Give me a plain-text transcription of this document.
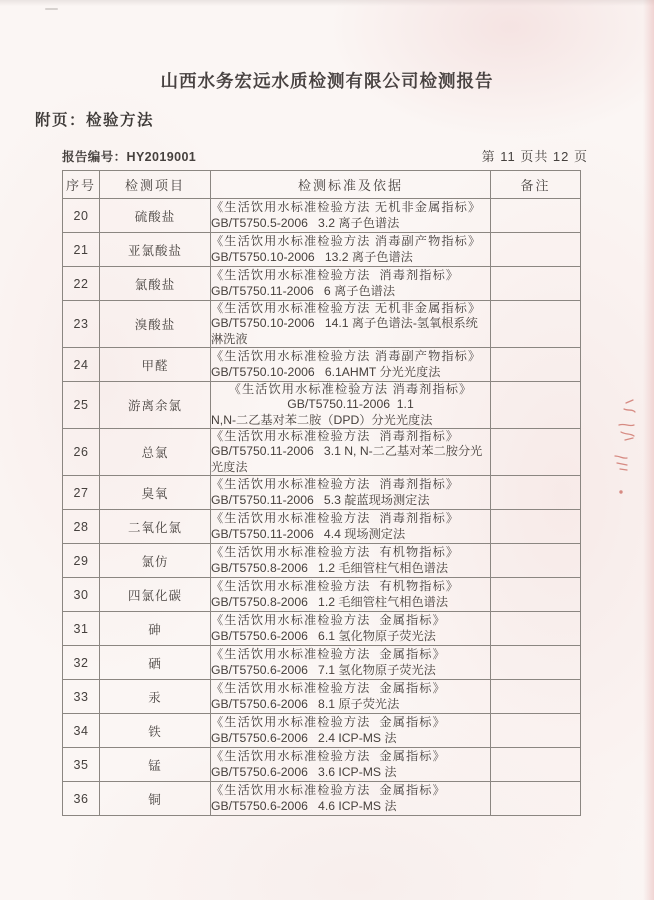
山西水务宏远水质检测有限公司检测报告
附页：检验方法
报告编号：HY2019001	第 11 页共 12 页
序号	检测项目	检测标准及依据	备注
20	硫酸盐	《生活饮用水标准检验方法 无机非金属指标》
GB/T5750.5-2006   3.2 离子色谱法	

21	亚氯酸盐	《生活饮用水标准检验方法 消毒副产物指标》
GB/T5750.10-2006   13.2 离子色谱法	

22	氯酸盐	《生活饮用水标准检验方法  消毒剂指标》
GB/T5750.11-2006   6 离子色谱法	

23	溴酸盐	《生活饮用水标准检验方法 无机非金属指标》
GB/T5750.10-2006   14.1 离子色谱法-氢氧根系统
淋洗液	

24	甲醛	《生活饮用水标准检验方法 消毒副产物指标》
GB/T5750.10-2006   6.1AHMT 分光光度法	

25	游离余氯	《生活饮用水标准检验方法 消毒剂指标》
GB/T5750.11-2006  1.1
N,N-二乙基对苯二胺（DPD）分光光度法	

26	总氯	《生活饮用水标准检验方法  消毒剂指标》
GB/T5750.11-2006   3.1 N, N-二乙基对苯二胺分光
光度法	

27	臭氧	《生活饮用水标准检验方法  消毒剂指标》
GB/T5750.11-2006   5.3 靛蓝现场测定法	

28	二氧化氯	《生活饮用水标准检验方法  消毒剂指标》
GB/T5750.11-2006   4.4 现场测定法	

29	氯仿	《生活饮用水标准检验方法  有机物指标》
GB/T5750.8-2006   1.2 毛细管柱气相色谱法	

30	四氯化碳	《生活饮用水标准检验方法  有机物指标》
GB/T5750.8-2006   1.2 毛细管柱气相色谱法	

31	砷	《生活饮用水标准检验方法  金属指标》
GB/T5750.6-2006   6.1 氢化物原子荧光法	

32	硒	《生活饮用水标准检验方法  金属指标》
GB/T5750.6-2006   7.1 氢化物原子荧光法	

33	汞	《生活饮用水标准检验方法  金属指标》
GB/T5750.6-2006   8.1 原子荧光法	

34	铁	《生活饮用水标准检验方法  金属指标》
GB/T5750.6-2006   2.4 ICP-MS 法	

35	锰	《生活饮用水标准检验方法  金属指标》
GB/T5750.6-2006   3.6 ICP-MS 法	

36	铜	《生活饮用水标准检验方法  金属指标》
GB/T5750.6-2006   4.6 ICP-MS 法	
